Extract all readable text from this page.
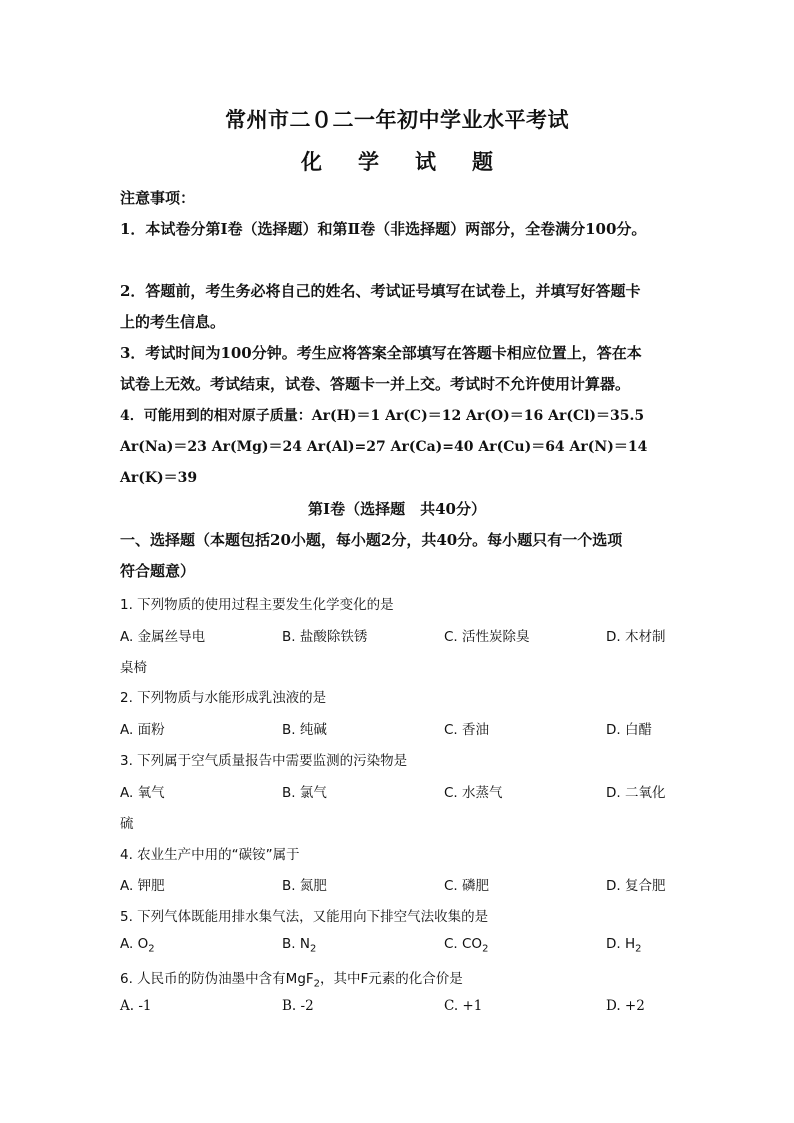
常州市二０二一年初中学业水平考试
化 学 试 题
注意事项：
1．本试卷分第Ⅰ卷（选择题）和第Ⅱ卷（非选择题）两部分，全卷满分100分。
2．答题前，考生务必将自己的姓名、考试证号填写在试卷上，并填写好答题卡
上的考生信息。
3．考试时间为100分钟。考生应将答案全部填写在答题卡相应位置上，答在本
试卷上无效。考试结束，试卷、答题卡一并上交。考试时不允许使用计算器。
4．可能用到的相对原子质量：Ar(H)＝1 Ar(C)＝12 Ar(O)＝16 Ar(Cl)＝35.5
Ar(Na)＝23 Ar(Mg)＝24 Ar(Al)=27 Ar(Ca)=40 Ar(Cu)＝64 Ar(N)＝14
Ar(K)＝39
第Ⅰ卷（选择题　共40分）
一、选择题（本题包括20小题，每小题2分，共40分。每小题只有一个选项
符合题意）
1. 下列物质的使用过程主要发生化学变化的是
A. 金属丝导电	B. 盐酸除铁锈	C. 活性炭除臭	D. 木材制
桌椅
2. 下列物质与水能形成乳浊液的是
A. 面粉	B. 纯碱	C. 香油	D. 白醋
3. 下列属于空气质量报告中需要监测的污染物是
A. 氧气	B. 氯气	C. 水蒸气	D. 二氧化
硫
4. 农业生产中用的“碳铵”属于
A. 钾肥	B. 氮肥	C. 磷肥	D. 复合肥
5. 下列气体既能用排水集气法，又能用向下排空气法收集的是
A. $O_2$	B. $N_2$	C. $CO_2$	D. $H_2$
6. 人民币的防伪油墨中含有MgF$_2$，其中F元素的化合价是
A. -1	B. -2	C. +1	D. +2
